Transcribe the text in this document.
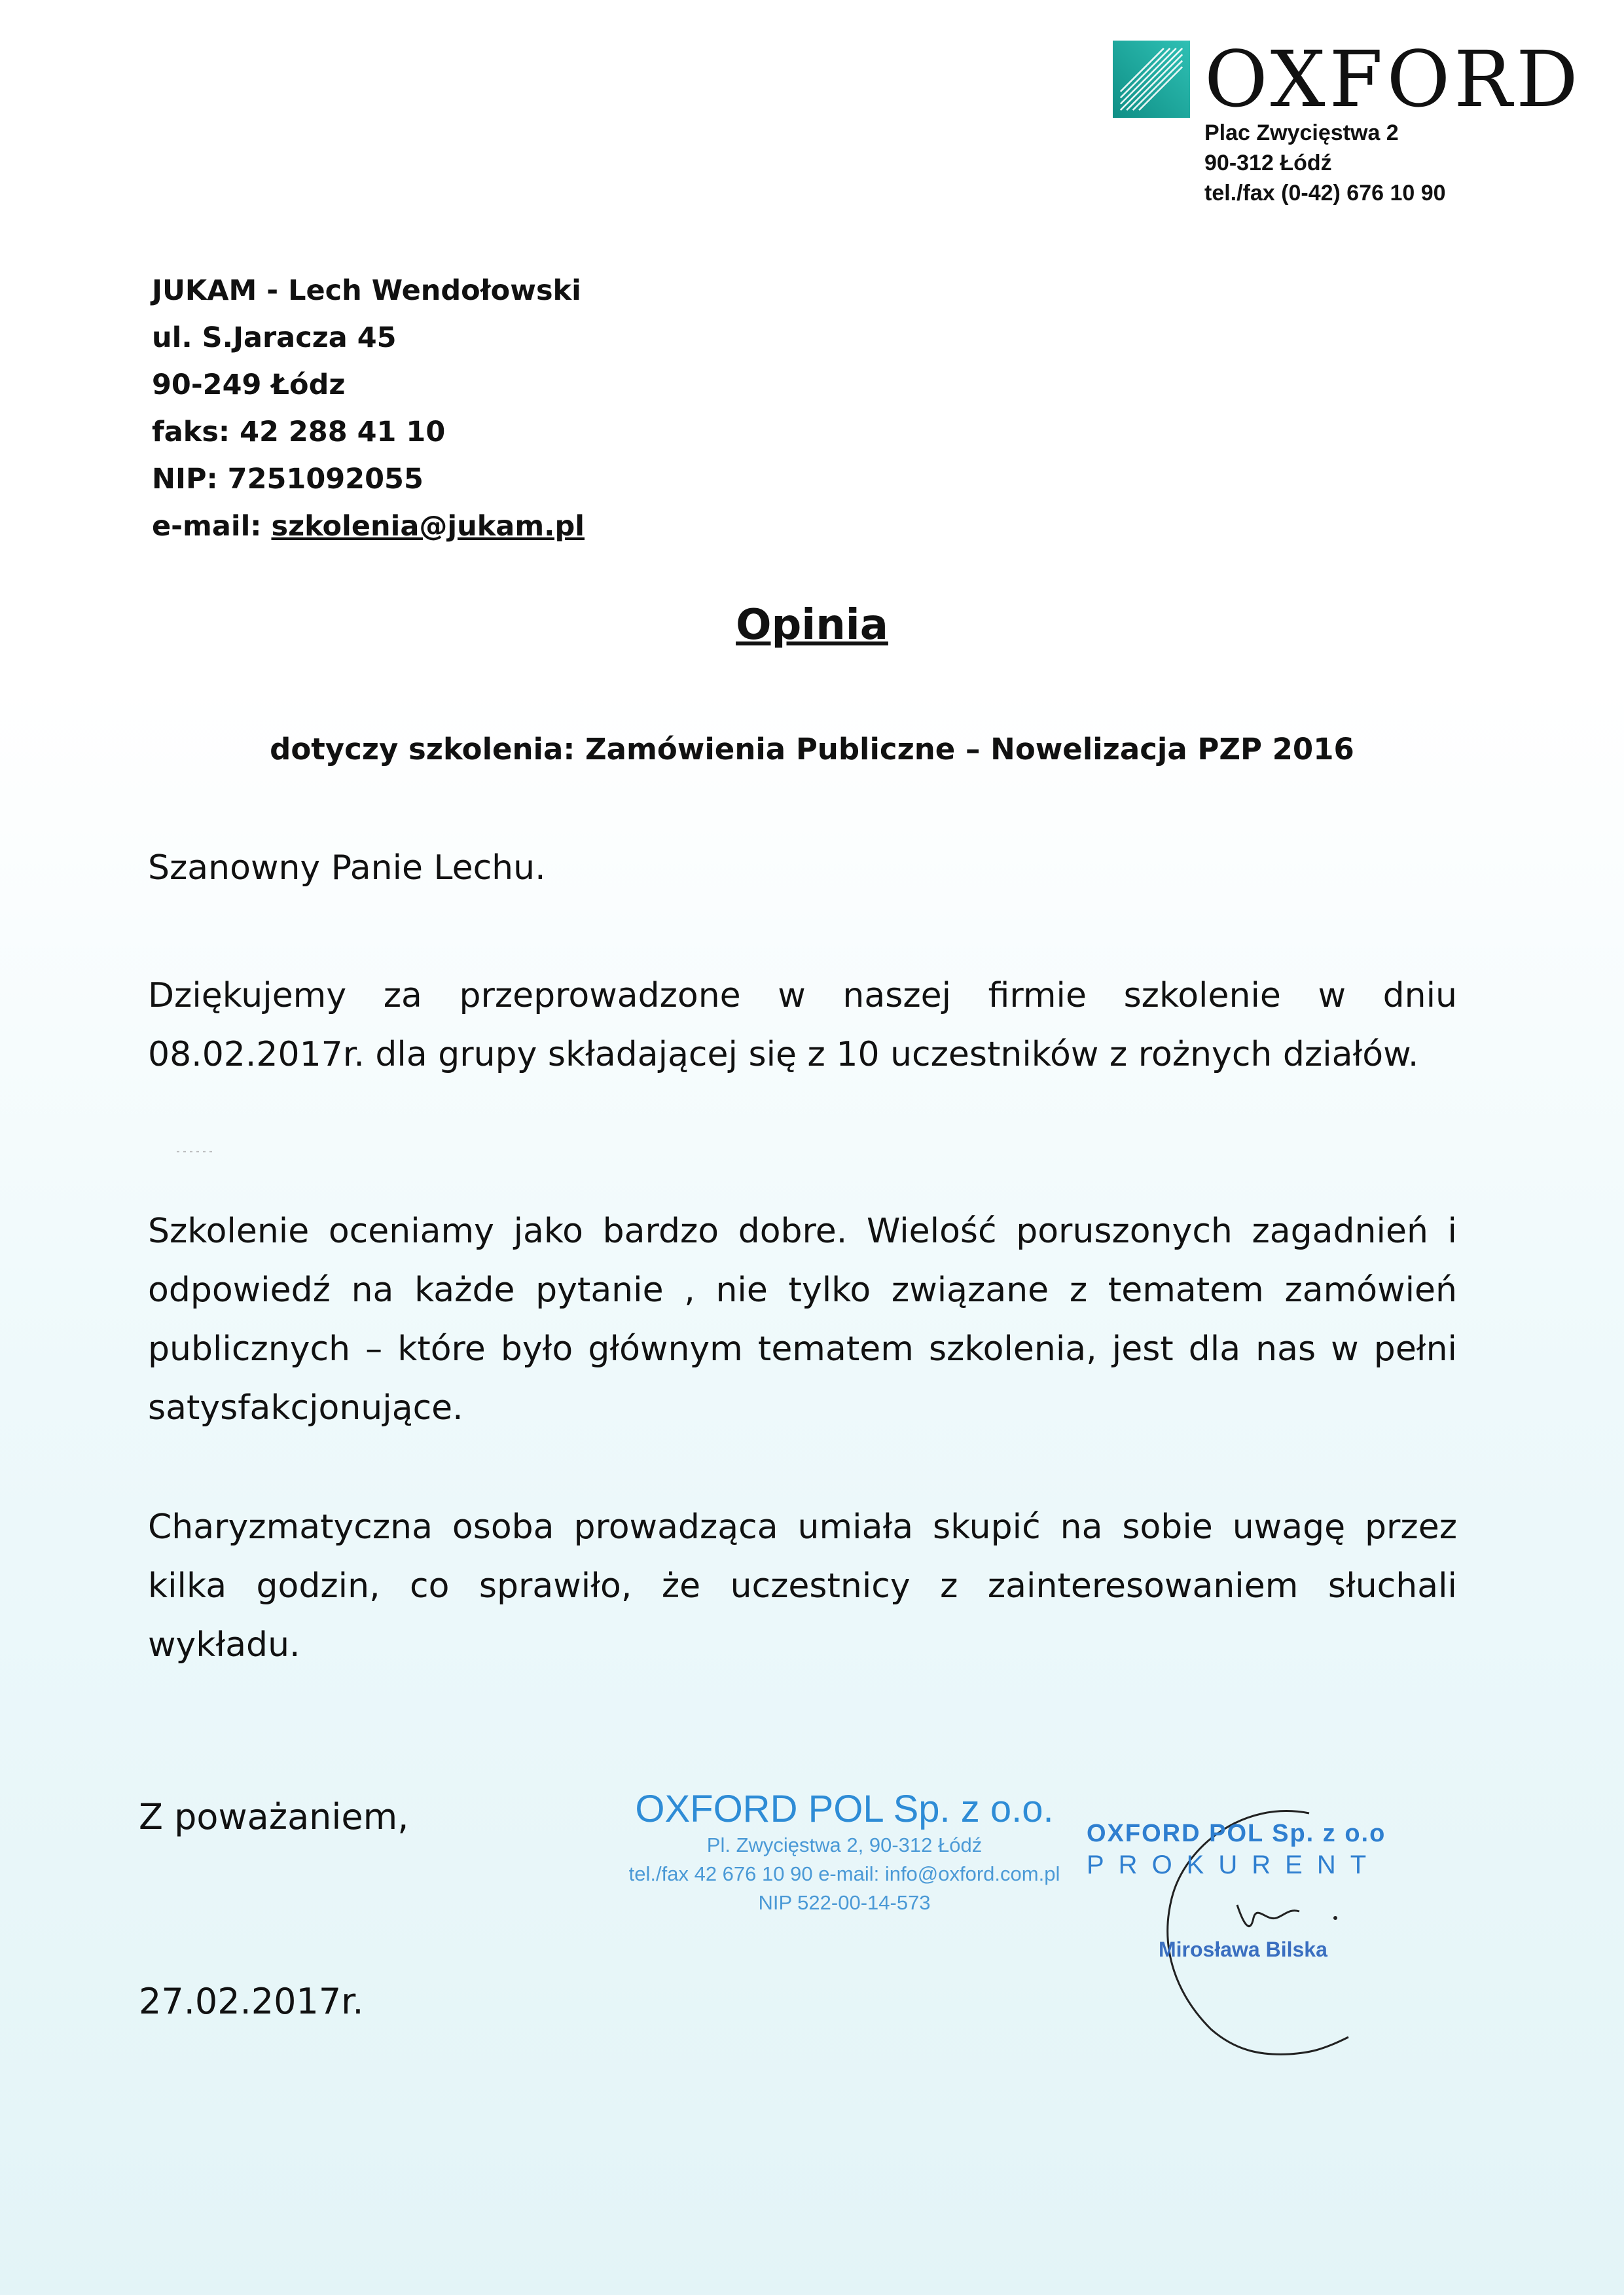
OXFORD
Plac Zwycięstwa 2
90-312 Łódź
tel./fax (0-42) 676 10 90
JUKAM - Lech Wendołowski
ul. S.Jaracza 45
90-249 Łódz
faks: 42 288 41 10
NIP: 7251092055
e-mail: szkolenia@jukam.pl
Opinia
dotyczy szkolenia: Zamówienia Publiczne – Nowelizacja PZP 2016
Szanowny Panie Lechu.
Dziękujemy za przeprowadzone w naszej firmie szkolenie w dniu 08.02.2017r. dla grupy składającej się z 10 uczestników z rożnych działów.
Szkolenie oceniamy jako bardzo dobre. Wielość poruszonych zagadnień i odpowiedź na każde pytanie , nie tylko związane z tematem zamówień publicznych – które było głównym tematem szkolenia, jest dla nas w pełni satysfakcjonujące.
Charyzmatyczna osoba prowadząca umiała skupić na sobie uwagę przez kilka godzin, co sprawiło, że uczestnicy z zainteresowaniem słuchali wykładu.
Z poważaniem,
27.02.2017r.
OXFORD POL Sp. z o.o.
Pl. Zwycięstwa 2, 90-312 Łódź
tel./fax 42 676 10 90 e-mail: info@oxford.com.pl
NIP 522-00-14-573
OXFORD POL Sp. z o.o
PROKURENT
Mirosława Bilska
